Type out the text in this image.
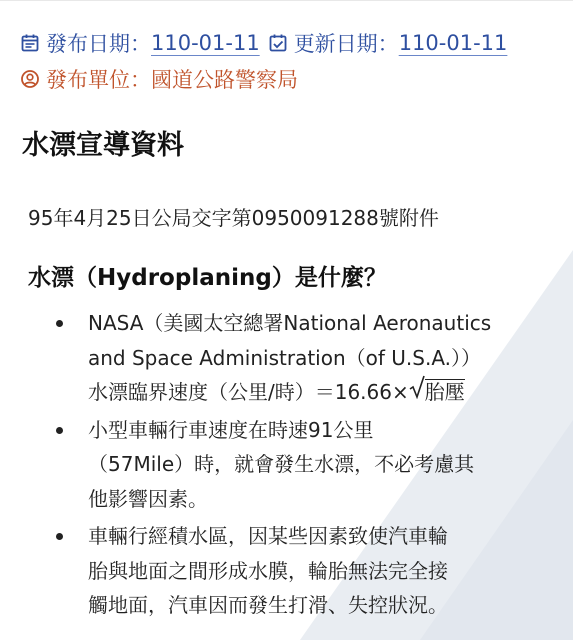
發布日期： 110-01-11 更新日期： 110-01-11
發布單位： 國道公路警察局
水漂宣導資料
95年4月25日公局交字第0950091288號附件
水漂（Hydroplaning）是什麼？
NASA（美國太空總署National Aeronautics
and Space Administration（of U.S.A.））
水漂臨界速度（公里/時）＝16.66× 胎壓
小型車輛行車速度在時速91公里
（57Mile）時，就會發生水漂，不必考慮其
他影響因素。
車輛行經積水區，因某些因素致使汽車輪
胎與地面之間形成水膜，輪胎無法完全接
觸地面，汽車因而發生打滑、失控狀況。
